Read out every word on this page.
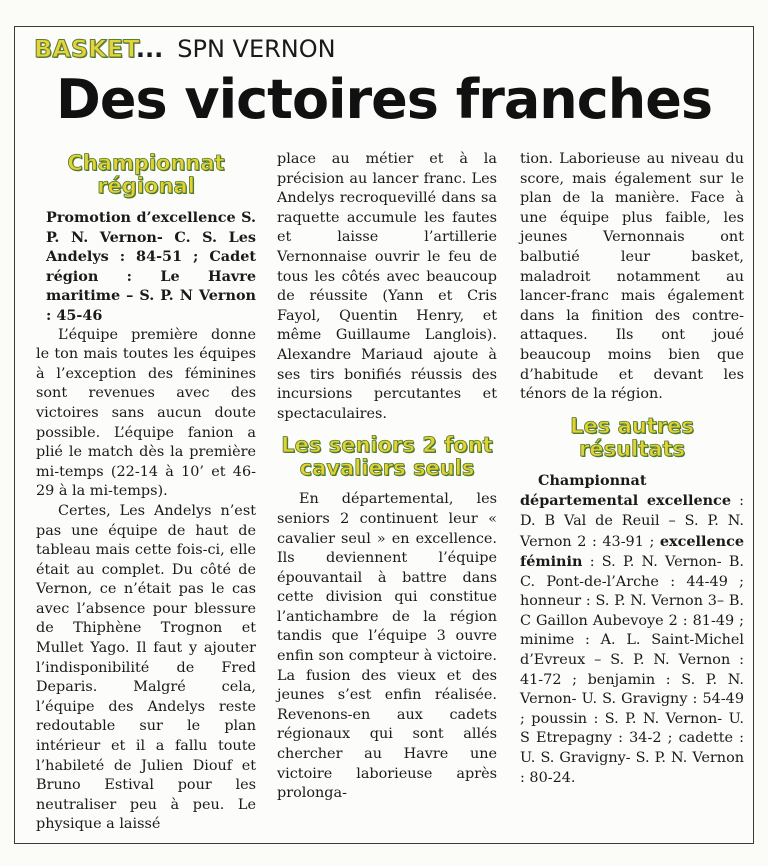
BASKET... SPN VERNON
Des victoires franches
Championnat régional

Promotion d’excellence S. P. N. Vernon- C. S. Les Andelys : 84-51 ; Cadet région : Le Havre maritime – S. P. N Vernon : 45-46

L’équipe première donne le ton mais toutes les équipes à l’exception des féminines sont revenues avec des victoires sans aucun doute possible. L’équipe fanion a plié le match dès la première mi-temps (22-14 à 10’ et 46-29 à la mi-temps).

Certes, Les Andelys n’est pas une équipe de haut de tableau mais cette fois-ci, elle était au complet. Du côté de Vernon, ce n’était pas le cas avec l’absence pour blessure de Thiphène Trognon et Mullet Yago. Il faut y ajouter l’indisponibilité de Fred Deparis. Malgré cela, l’équipe des Andelys reste redoutable sur le plan intérieur et il a fallu toute l’habileté de Julien Diouf et Bruno Estival pour les neutraliser peu à peu. Le physique a laissé

place au métier et à la précision au lancer franc. Les Andelys recroquevillé dans sa raquette accumule les fautes et laisse l’artillerie Vernonnaise ouvrir le feu de tous les côtés avec beaucoup de réussite (Yann et Cris Fayol, Quentin Henry, et même Guillaume Langlois). Alexandre Mariaud ajoute à ses tirs bonifiés réussis des incursions percutantes et spectaculaires.

Les seniors 2 font cavaliers seuls

En départemental, les seniors 2 continuent leur « cavalier seul » en excellence. Ils deviennent l’équipe épouvantail à battre dans cette division qui constitue l’antichambre de la région tandis que l’équipe 3 ouvre enfin son compteur à victoire. La fusion des vieux et des jeunes s’est enfin réalisée. Revenons-en aux cadets régionaux qui sont allés chercher au Havre une victoire laborieuse après prolonga-

tion. Laborieuse au niveau du score, mais également sur le plan de la manière. Face à une équipe plus faible, les jeunes Vernonnais ont balbutié leur basket, maladroit notamment au lancer-franc mais également dans la finition des contre-attaques. Ils ont joué beaucoup moins bien que d’habitude et devant les ténors de la région.

Les autres résultats

Championnat départemental excellence : D. B Val de Reuil – S. P. N. Vernon 2 : 43-91 ; excellence féminin : S. P. N. Vernon- B. C. Pont-de-l’Arche : 44-49 ; honneur : S. P. N. Vernon 3– B. C Gaillon Aubevoye 2 : 81-49 ; minime : A. L. Saint-Michel d’Evreux – S. P. N. Vernon : 41-72 ; benjamin : S. P. N. Vernon- U. S. Gravigny : 54-49 ; poussin : S. P. N. Vernon- U. S Etrepagny : 34-2 ; cadette : U. S. Gravigny- S. P. N. Vernon : 80-24.
